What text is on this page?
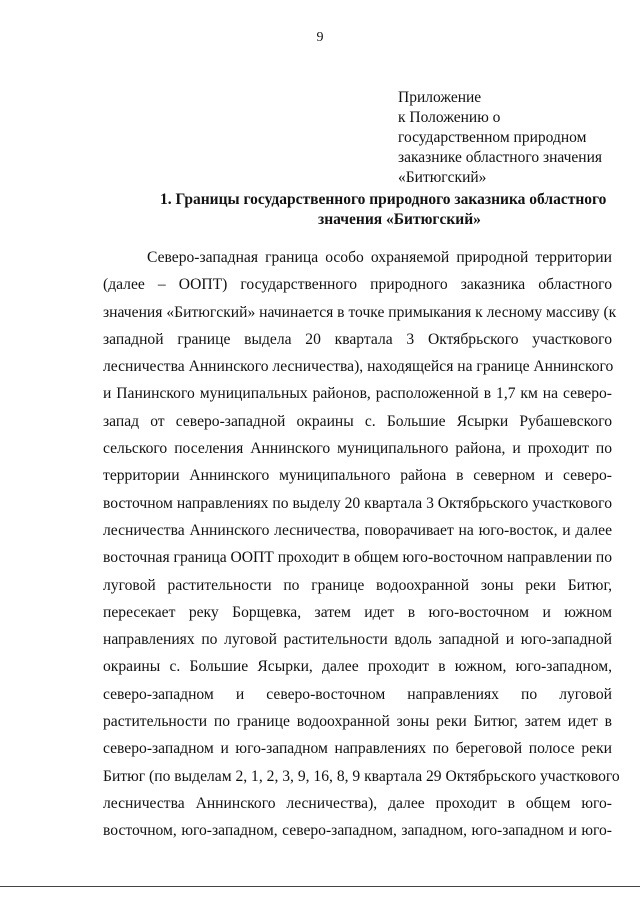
9
Приложение
к Положению о
государственном природном
заказнике областного значения
«Битюгский»
1. Границы государственного природного заказника областного
значения «Битюгский»
Северо-западная граница особо охраняемой природной территории
(далее – ООПТ) государственного природного заказника областного
значения «Битюгский» начинается в точке примыкания к лесному массиву (к
западной границе выдела 20 квартала 3 Октябрьского участкового
лесничества Аннинского лесничества), находящейся на границе Аннинского
и Панинского муниципальных районов, расположенной в 1,7 км на северо-
запад от северо-западной окраины с. Большие Ясырки Рубашевского
сельского поселения Аннинского муниципального района, и проходит по
территории Аннинского муниципального района в северном и северо-
восточном направлениях по выделу 20 квартала 3 Октябрьского участкового
лесничества Аннинского лесничества, поворачивает на юго-восток, и далее
восточная граница ООПТ проходит в общем юго-восточном направлении по
луговой растительности по границе водоохранной зоны реки Битюг,
пересекает реку Борщевка, затем идет в юго-восточном и южном
направлениях по луговой растительности вдоль западной и юго-западной
окраины с. Большие Ясырки, далее проходит в южном, юго-западном,
северо-западном и северо-восточном направлениях по луговой
растительности по границе водоохранной зоны реки Битюг, затем идет в
северо-западном и юго-западном направлениях по береговой полосе реки
Битюг (по выделам 2, 1, 2, 3, 9, 16, 8, 9 квартала 29 Октябрьского участкового
лесничества Аннинского лесничества), далее проходит в общем юго-
восточном, юго-западном, северо-западном, западном, юго-западном и юго-
